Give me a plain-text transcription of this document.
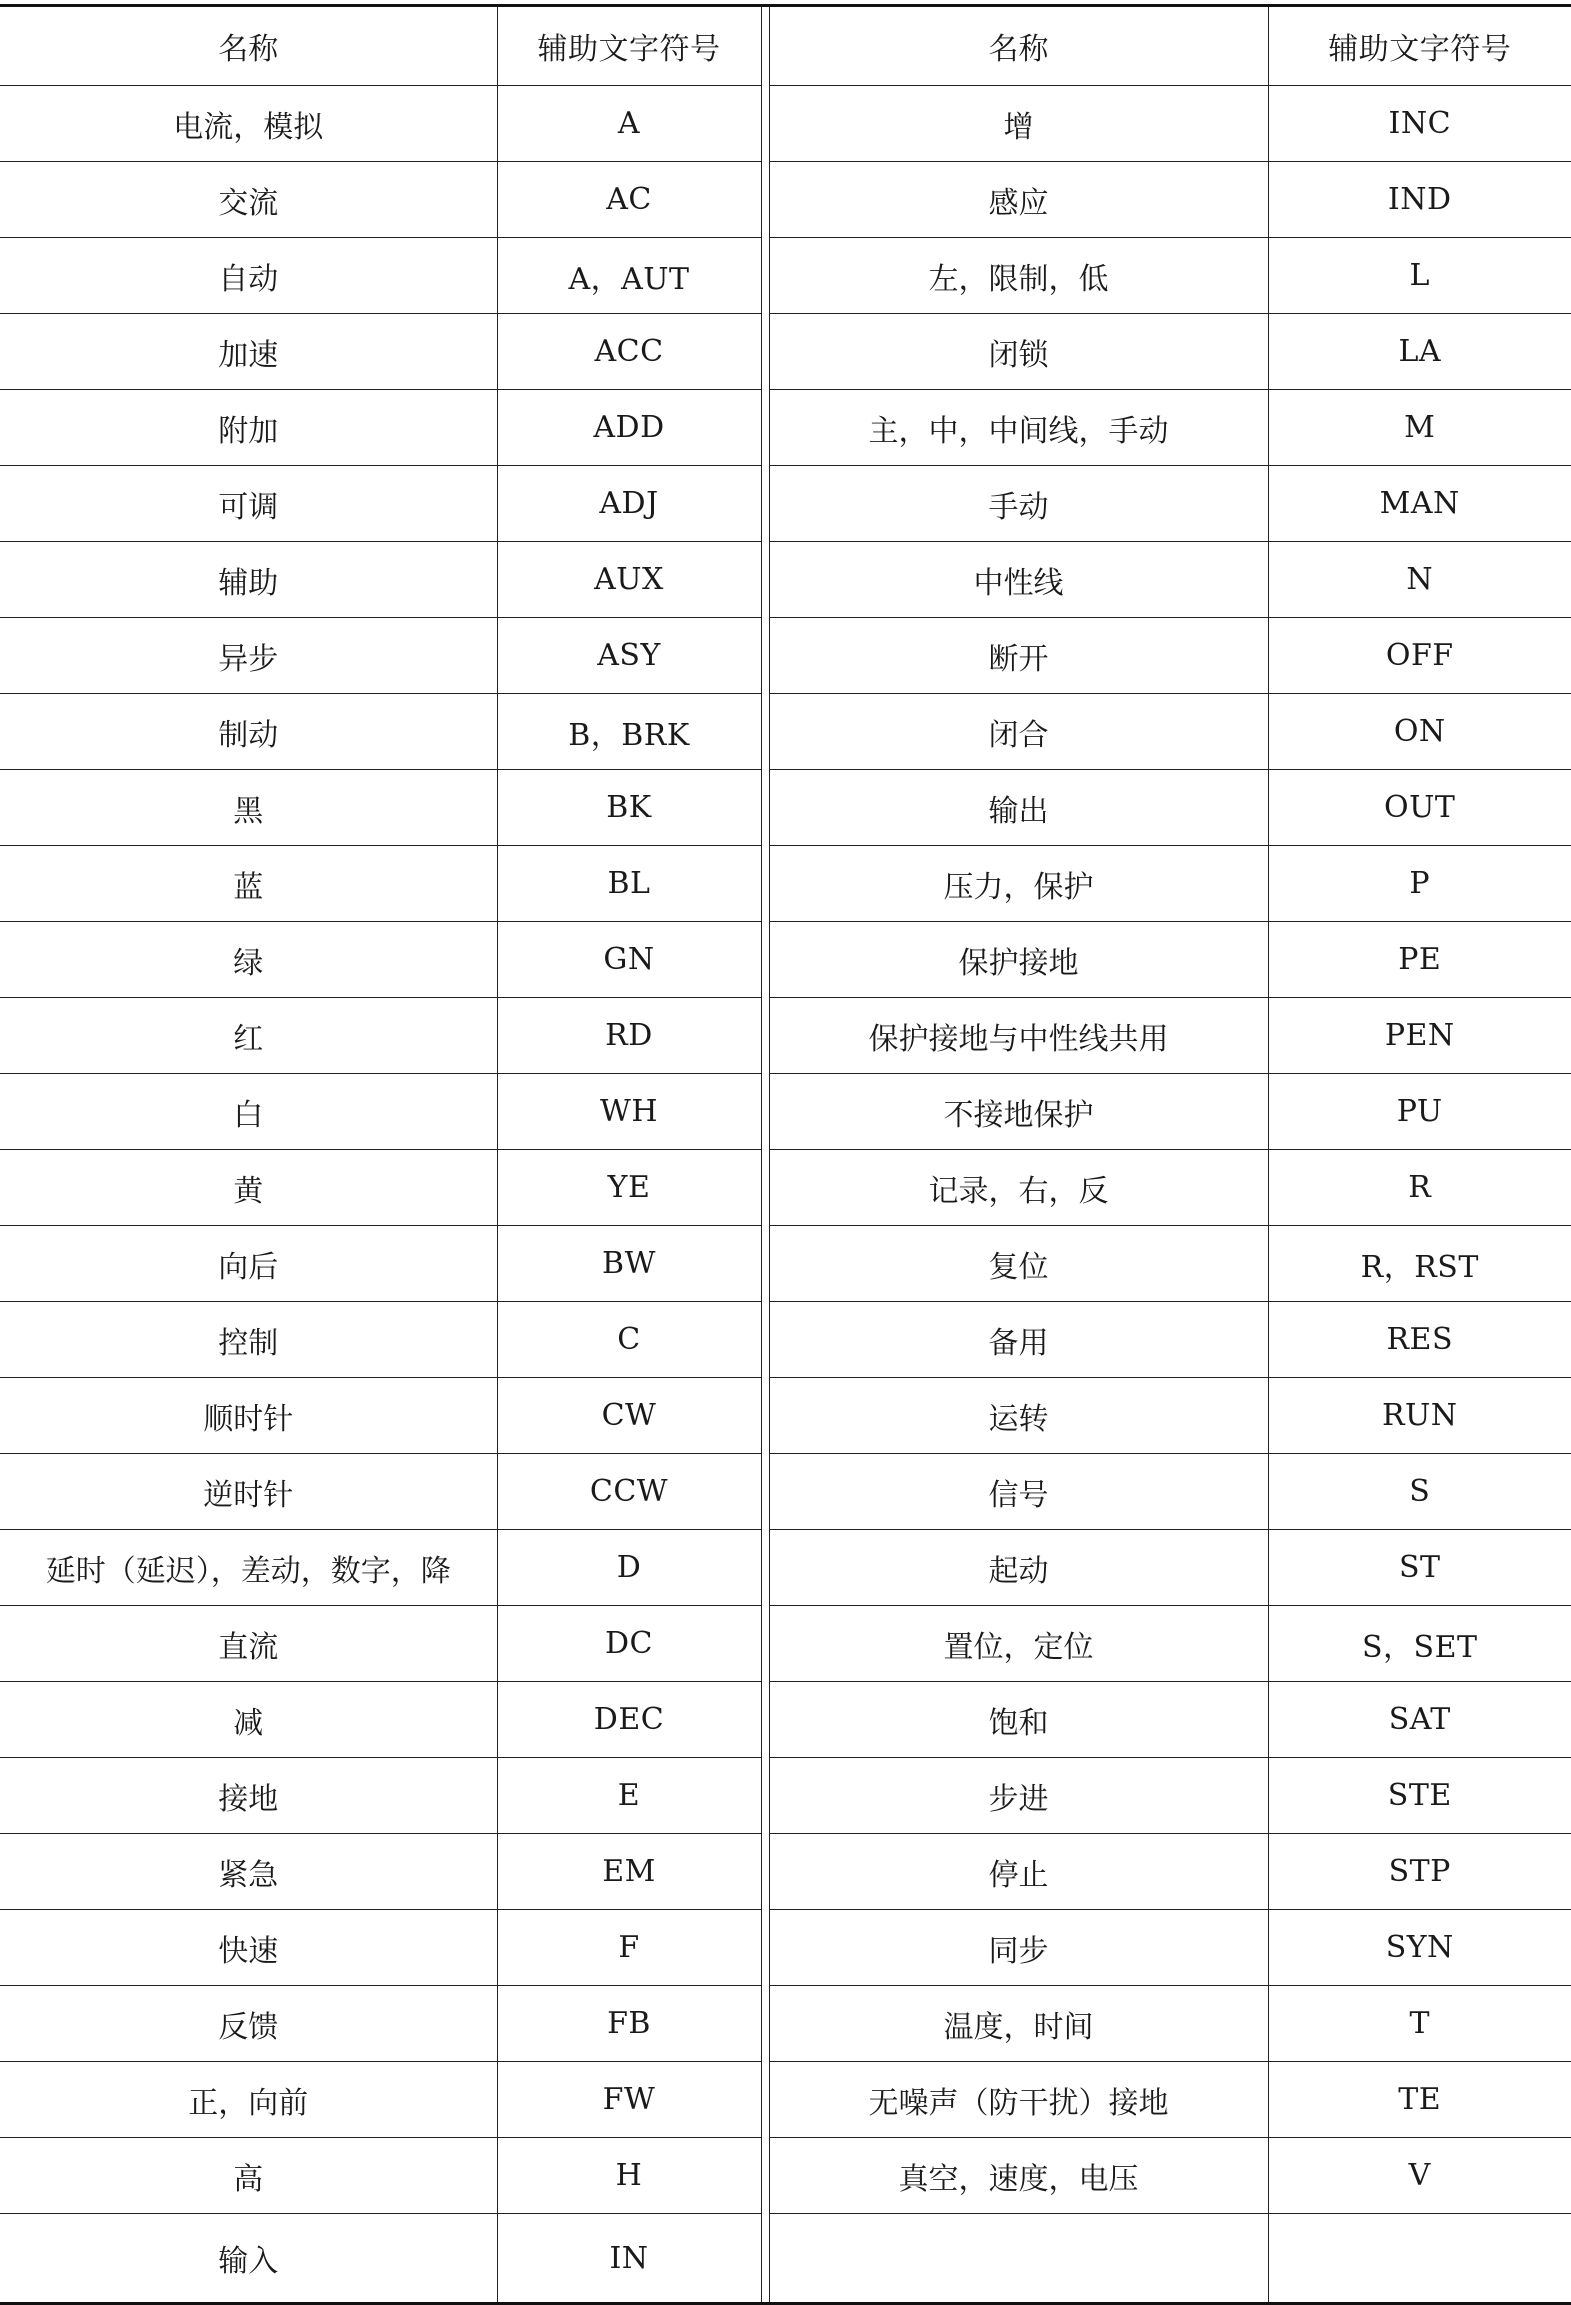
名称	辅助文字符号		名称	辅助文字符号
电流，模拟	A		增	INC
交流	AC		感应	IND
自动	A，AUT		左，限制，低	L
加速	ACC		闭锁	LA
附加	ADD		主，中，中间线，手动	M
可调	ADJ		手动	MAN
辅助	AUX		中性线	N
异步	ASY		断开	OFF
制动	B，BRK		闭合	ON
黑	BK		输出	OUT
蓝	BL		压力，保护	P
绿	GN		保护接地	PE
红	RD		保护接地与中性线共用	PEN
白	WH		不接地保护	PU
黄	YE		记录，右，反	R
向后	BW		复位	R，RST
控制	C		备用	RES
顺时针	CW		运转	RUN
逆时针	CCW		信号	S
延时（延迟），差动，数字，降	D		起动	ST
直流	DC		置位，定位	S，SET
减	DEC		饱和	SAT
接地	E		步进	STE
紧急	EM		停止	STP
快速	F		同步	SYN
反馈	FB		温度，时间	T
正，向前	FW		无噪声（防干扰）接地	TE
高	H		真空，速度，电压	V
输入	IN			
